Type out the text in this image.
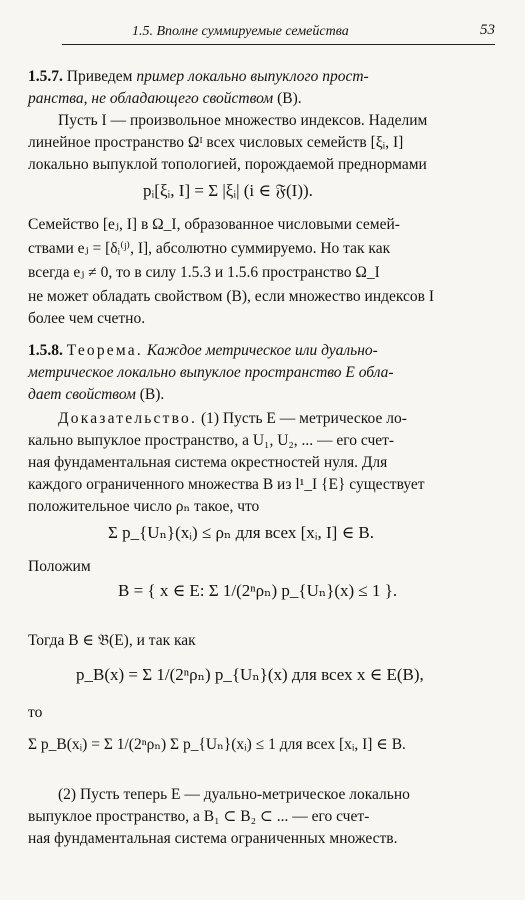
1.5. Вполне суммируемые семейства	53
1.5.7. Приведем пример локально выпуклого прост-
ранства, не обладающего свойством (B).
Пусть I — произвольное множество индексов. Наделим
линейное пространство Ωᴵ всех числовых семейств [ξᵢ, I]
локально выпуклой топологией, порождаемой преднормами
pᵢ[ξᵢ, I] = Σ |ξᵢ| (i ∈ 𝔉(I)).
Семейство [eⱼ, I] в Ω_I, образованное числовыми семей-
ствами eⱼ = [δᵢ⁽ʲ⁾, I], абсолютно суммируемо. Но так как
всегда eⱼ ≠ 0, то в силу 1.5.3 и 1.5.6 пространство Ω_I
не может обладать свойством (B), если множество индексов I
более чем счетно.
1.5.8. Теорема. Каждое метрическое или дуально-
метрическое локально выпуклое пространство E обла-
дает свойством (B).
Доказательство. (1) Пусть E — метрическое ло-
кально выпуклое пространство, а U₁, U₂, ... — его счет-
ная фундаментальная система окрестностей нуля. Для
каждого ограниченного множества B из l¹_I {E} существует
положительное число ρₙ такое, что
Σ p_{Uₙ}(xᵢ) ≤ ρₙ для всех [xᵢ, I] ∈ B.
Положим
B = { x ∈ E: Σ 1/(2ⁿρₙ) p_{Uₙ}(x) ≤ 1 }.
Тогда B ∈ 𝔅(E), и так как
p_B(x) = Σ 1/(2ⁿρₙ) p_{Uₙ}(x) для всех x ∈ E(B),
то
Σ p_B(xᵢ) = Σ 1/(2ⁿρₙ) Σ p_{Uₙ}(xᵢ) ≤ 1 для всех [xᵢ, I] ∈ B.
(2) Пусть теперь E — дуально-метрическое локально
выпуклое пространство, а B₁ ⊂ B₂ ⊂ ... — его счет-
ная фундаментальная система ограниченных множеств.
